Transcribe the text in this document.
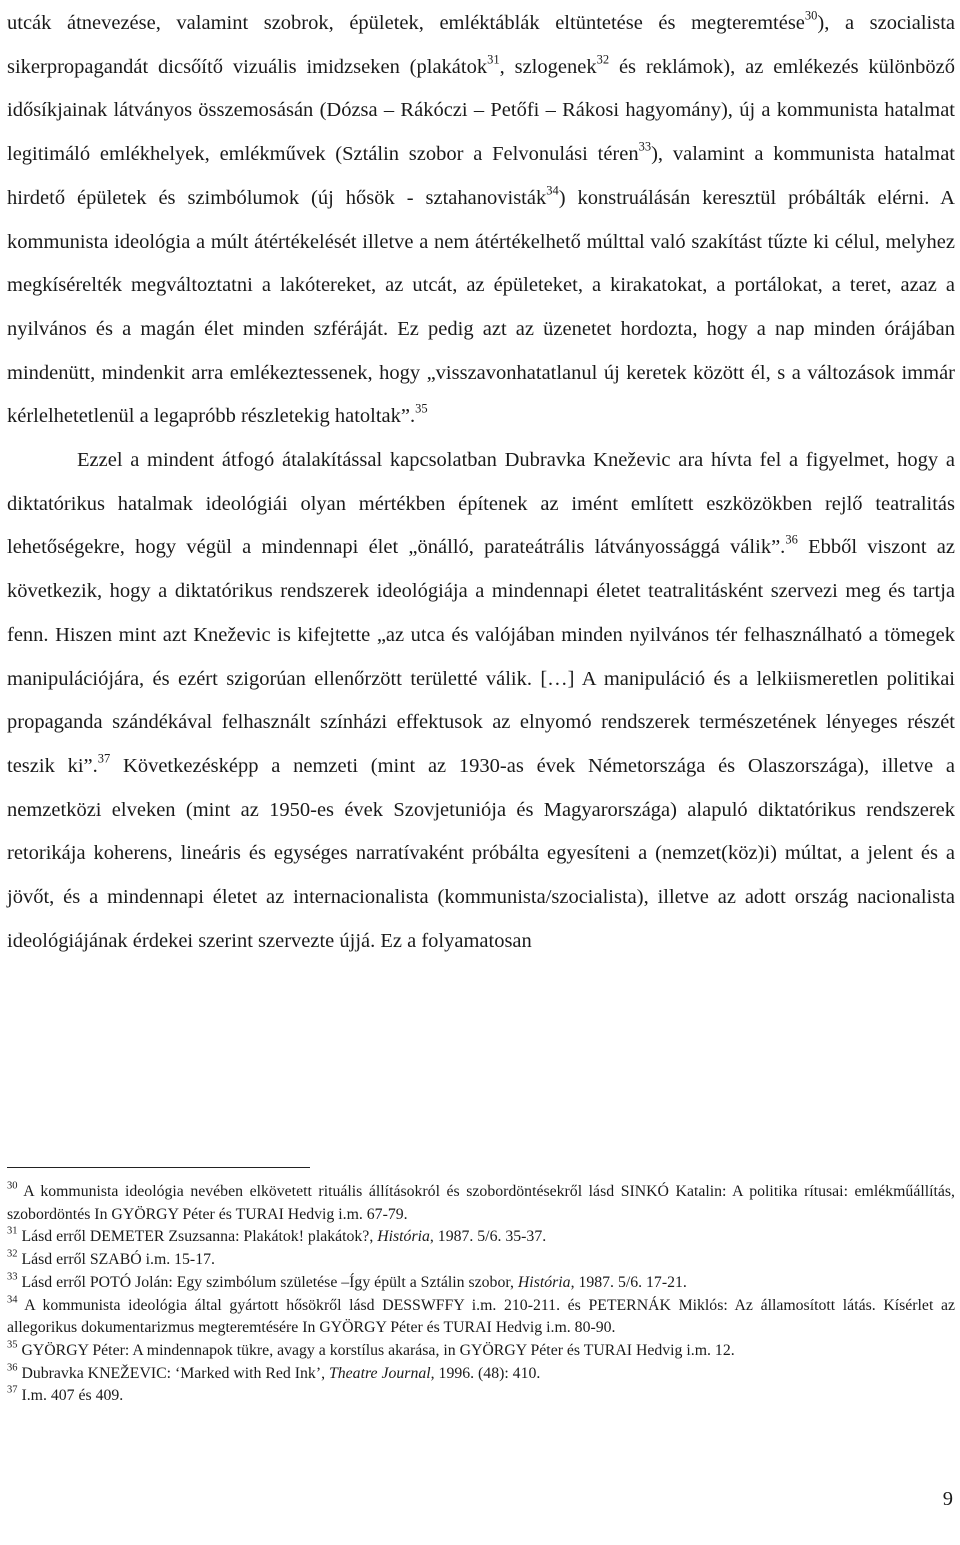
utcák átnevezése, valamint szobrok, épületek, emléktáblák eltüntetése és megteremtése$^{30}$), a szocialista sikerpropagandát dicsőítő vizuális imidzseken (plakátok$^{31}$, szlogenek$^{32}$ és reklámok), az emlékezés különböző idősíkjainak látványos összemosásán (Dózsa – Rákóczi – Petőfi – Rákosi hagyomány), új a kommunista hatalmat legitimáló emlékhelyek, emlékművek (Sztálin szobor a Felvonulási téren$^{33}$), valamint a kommunista hatalmat hirdető épületek és szimbólumok (új hősök - sztahanovisták$^{34}$) konstruálásán keresztül próbálták elérni. A kommunista ideológia a múlt átértékelését illetve a nem átértékelhető múlttal való szakítást tűzte ki célul, melyhez megkísérelték megváltoztatni a lakótereket, az utcát, az épületeket, a kirakatokat, a portálokat, a teret, azaz a nyilvános és a magán élet minden szféráját. Ez pedig azt az üzenetet hordozta, hogy a nap minden órájában mindenütt, mindenkit arra emlékeztessenek, hogy „visszavonhatatlanul új keretek között él, s a változások immár kérlelhetetlenül a legapróbb részletekig hatoltak”.$^{35}$

Ezzel a mindent átfogó átalakítással kapcsolatban Dubravka Kneževic ara hívta fel a figyelmet, hogy a diktatórikus hatalmak ideológiái olyan mértékben építenek az imént említett eszközökben rejlő teatralitás lehetőségekre, hogy végül a mindennapi élet „önálló, parateátrális látványossággá válik”.$^{36}$ Ebből viszont az következik, hogy a diktatórikus rendszerek ideológiája a mindennapi életet teatralitásként szervezi meg és tartja fenn. Hiszen mint azt Kneževic is kifejtette „az utca és valójában minden nyilvános tér felhasználható a tömegek manipulációjára, és ezért szigorúan ellenőrzött területté válik. […] A manipuláció és a lelkiismeretlen politikai propaganda szándékával felhasznált színházi effektusok az elnyomó rendszerek természetének lényeges részét teszik ki”.$^{37}$ Következésképp a nemzeti (mint az 1930-as évek Németországa és Olaszországa), illetve a nemzetközi elveken (mint az 1950-es évek Szovjetuniója és Magyarországa) alapuló diktatórikus rendszerek retorikája koherens, lineáris és egységes narratívaként próbálta egyesíteni a (nemzet(köz)i) múltat, a jelent és a jövőt, és a mindennapi életet az internacionalista (kommunista/szocialista), illetve az adott ország nacionalista ideológiájának érdekei szerint szervezte újjá. Ez a folyamatosan

$^{30}$ A kommunista ideológia nevében elkövetett rituális állításokról és szobordöntésekről lásd SINKÓ Katalin: A politika rítusai: emlékműállítás, szobordöntés In GYÖRGY Péter és TURAI Hedvig i.m. 67-79.

$^{31}$ Lásd erről DEMETER Zsuzsanna: Plakátok! plakátok?, História, 1987. 5/6. 35-37.

$^{32}$ Lásd erről SZABÓ i.m. 15-17.

$^{33}$ Lásd erről POTÓ Jolán: Egy szimbólum születése –Így épült a Sztálin szobor, História, 1987. 5/6. 17-21.

$^{34}$ A kommunista ideológia által gyártott hősökről lásd DESSWFFY i.m. 210-211. és PETERNÁK Miklós: Az államosított látás. Kísérlet az allegorikus dokumentarizmus megteremtésére In GYÖRGY Péter és TURAI Hedvig i.m. 80-90.

$^{35}$ GYÖRGY Péter: A mindennapok tükre, avagy a korstílus akarása, in GYÖRGY Péter és TURAI Hedvig i.m. 12.

$^{36}$ Dubravka KNEŽEVIC: ‘Marked with Red Ink’, Theatre Journal, 1996. (48): 410.

$^{37}$ I.m. 407 és 409.

9
